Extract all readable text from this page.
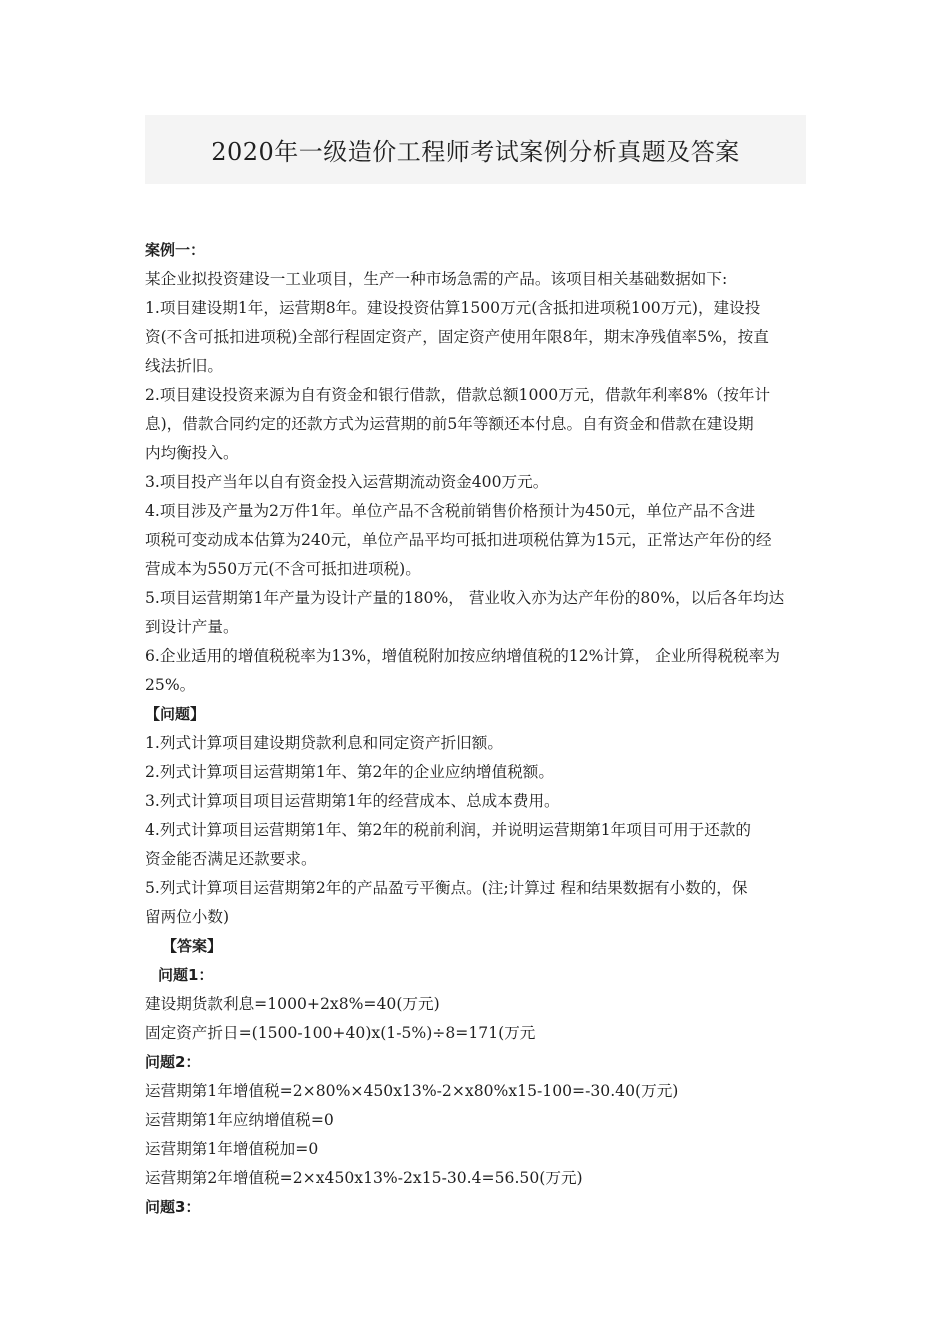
2020年一级造价工程师考试案例分析真题及答案

案例一：

某企业拟投资建设一工业项目，生产一种市场急需的产品。该项目相关基础数据如下:

1.项目建设期1年，运营期8年。建设投资估算1500万元(含抵扣进项税100万元)，建设投

资(不含可抵扣进项税)全部行程固定资产，固定资产使用年限8年，期末净残值率5%，按直

线法折旧。

2.项目建设投资来源为自有资金和银行借款，借款总额1000万元，借款年利率8%（按年计

息)，借款合同约定的还款方式为运营期的前5年等额还本付息。自有资金和借款在建设期

内均衡投入。

3.项目投产当年以自有资金投入运营期流动资金400万元。

4.项目涉及产量为2万件1年。单位产品不含税前销售价格预计为450元，单位产品不含进

项税可变动成本估算为240元，单位产品平均可抵扣进项税估算为15元，正常达产年份的经

营成本为550万元(不含可抵扣进项税)。

5.项目运营期第1年产量为设计产量的180%， 营业收入亦为达产年份的80%，以后各年均达

到设计产量。

6.企业适用的增值税税率为13%，增值税附加按应纳增值税的12%计算， 企业所得税税率为

25%。

【问题】

1.列式计算项目建设期贷款利息和同定资产折旧额。

2.列式计算项目运营期第1年、第2年的企业应纳增值税额。

3.列式计算项目项目运营期第1年的经营成本、总成本费用。

4.列式计算项目运营期第1年、第2年的税前利润，并说明运营期第1年项目可用于还款的

资金能否满足还款要求。

5.列式计算项目运营期第2年的产品盈亏平衡点。(注;计算过 程和结果数据有小数的，保

留两位小数)

【答案】

问题1：

建设期货款利息=1000+2x8%=40(万元)

固定资产折日=(1500-100+40)x(1-5%)÷8=171(万元

问题2：

运营期第1年增值税=2×80%×450x13%-2×x80%x15-100=-30.40(万元)

运营期第1年应纳增值税=0

运营期第1年增值税加=0

运营期第2年增值税=2×x450x13%-2x15-30.4=56.50(万元)

问题3：
